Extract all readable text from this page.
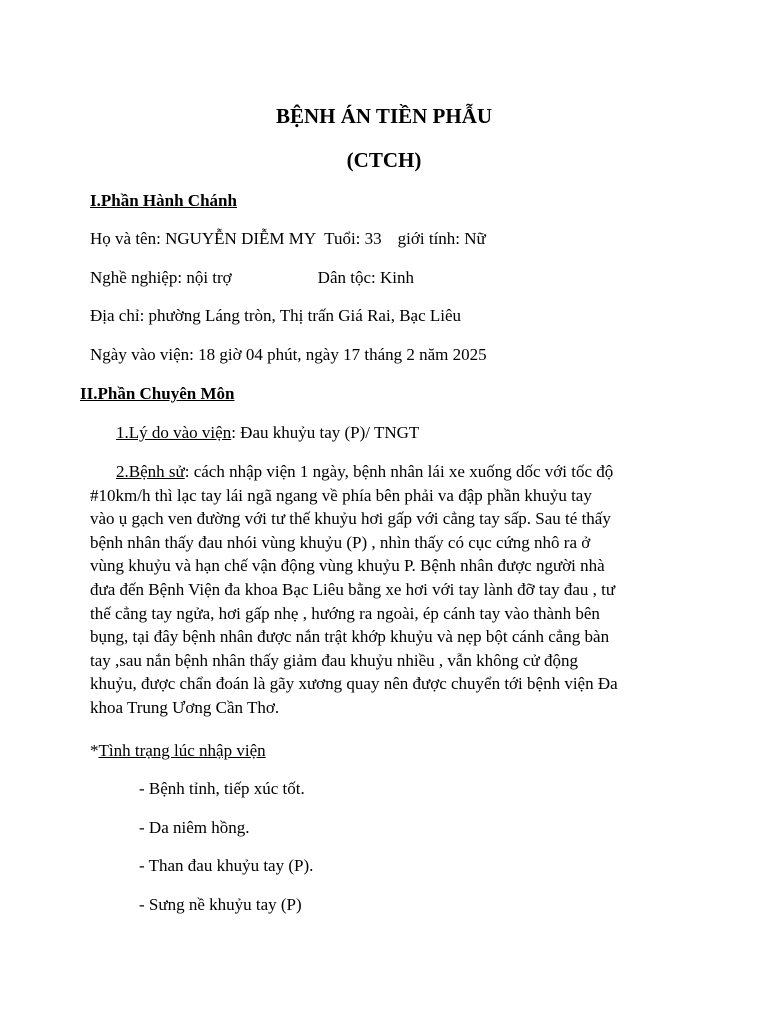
BỆNH ÁN TIỀN PHẪU
(CTCH)

I.Phần Hành Chánh

Họ và tên: NGUYỄN DIỄM MY Tuổi: 33 giới tính: Nữ

Nghề nghiệp: nội trợ	Dân tộc: Kinh

Địa chỉ: phường Láng tròn, Thị trấn Giá Rai, Bạc Liêu

Ngày vào viện: 18 giờ 04 phút, ngày 17 tháng 2 năm 2025

II.Phần Chuyên Môn

1.Lý do vào viện: Đau khuỷu tay (P)/ TNGT

2.Bệnh sử: cách nhập viện 1 ngày, bệnh nhân lái xe xuống dốc với tốc độ
#10km/h thì lạc tay lái ngã ngang về phía bên phải va đập phần khuỷu tay
vào ụ gạch ven đường với tư thế khuỷu hơi gấp với cẳng tay sấp. Sau té thấy
bệnh nhân thấy đau nhói vùng khuỷu (P) , nhìn thấy có cục cứng nhô ra ở
vùng khuỷu và hạn chế vận động vùng khuỷu P. Bệnh nhân được người nhà
đưa đến Bệnh Viện đa khoa Bạc Liêu bằng xe hơi với tay lành đỡ tay đau , tư
thế cẳng tay ngửa, hơi gấp nhẹ , hướng ra ngoài, ép cánh tay vào thành bên
bụng, tại đây bệnh nhân được nắn trật khớp khuỷu và nẹp bột cánh cẳng bàn
tay ,sau nắn bệnh nhân thấy giảm đau khuỷu nhiều , vẫn không cử động
khuỷu, được chẩn đoán là gãy xương quay nên được chuyển tới bệnh viện Đa
khoa Trung Ương Cần Thơ.

*Tình trạng lúc nhập viện

- Bệnh tỉnh, tiếp xúc tốt.

- Da niêm hồng.

- Than đau khuỷu tay (P).

- Sưng nề khuỷu tay (P)
